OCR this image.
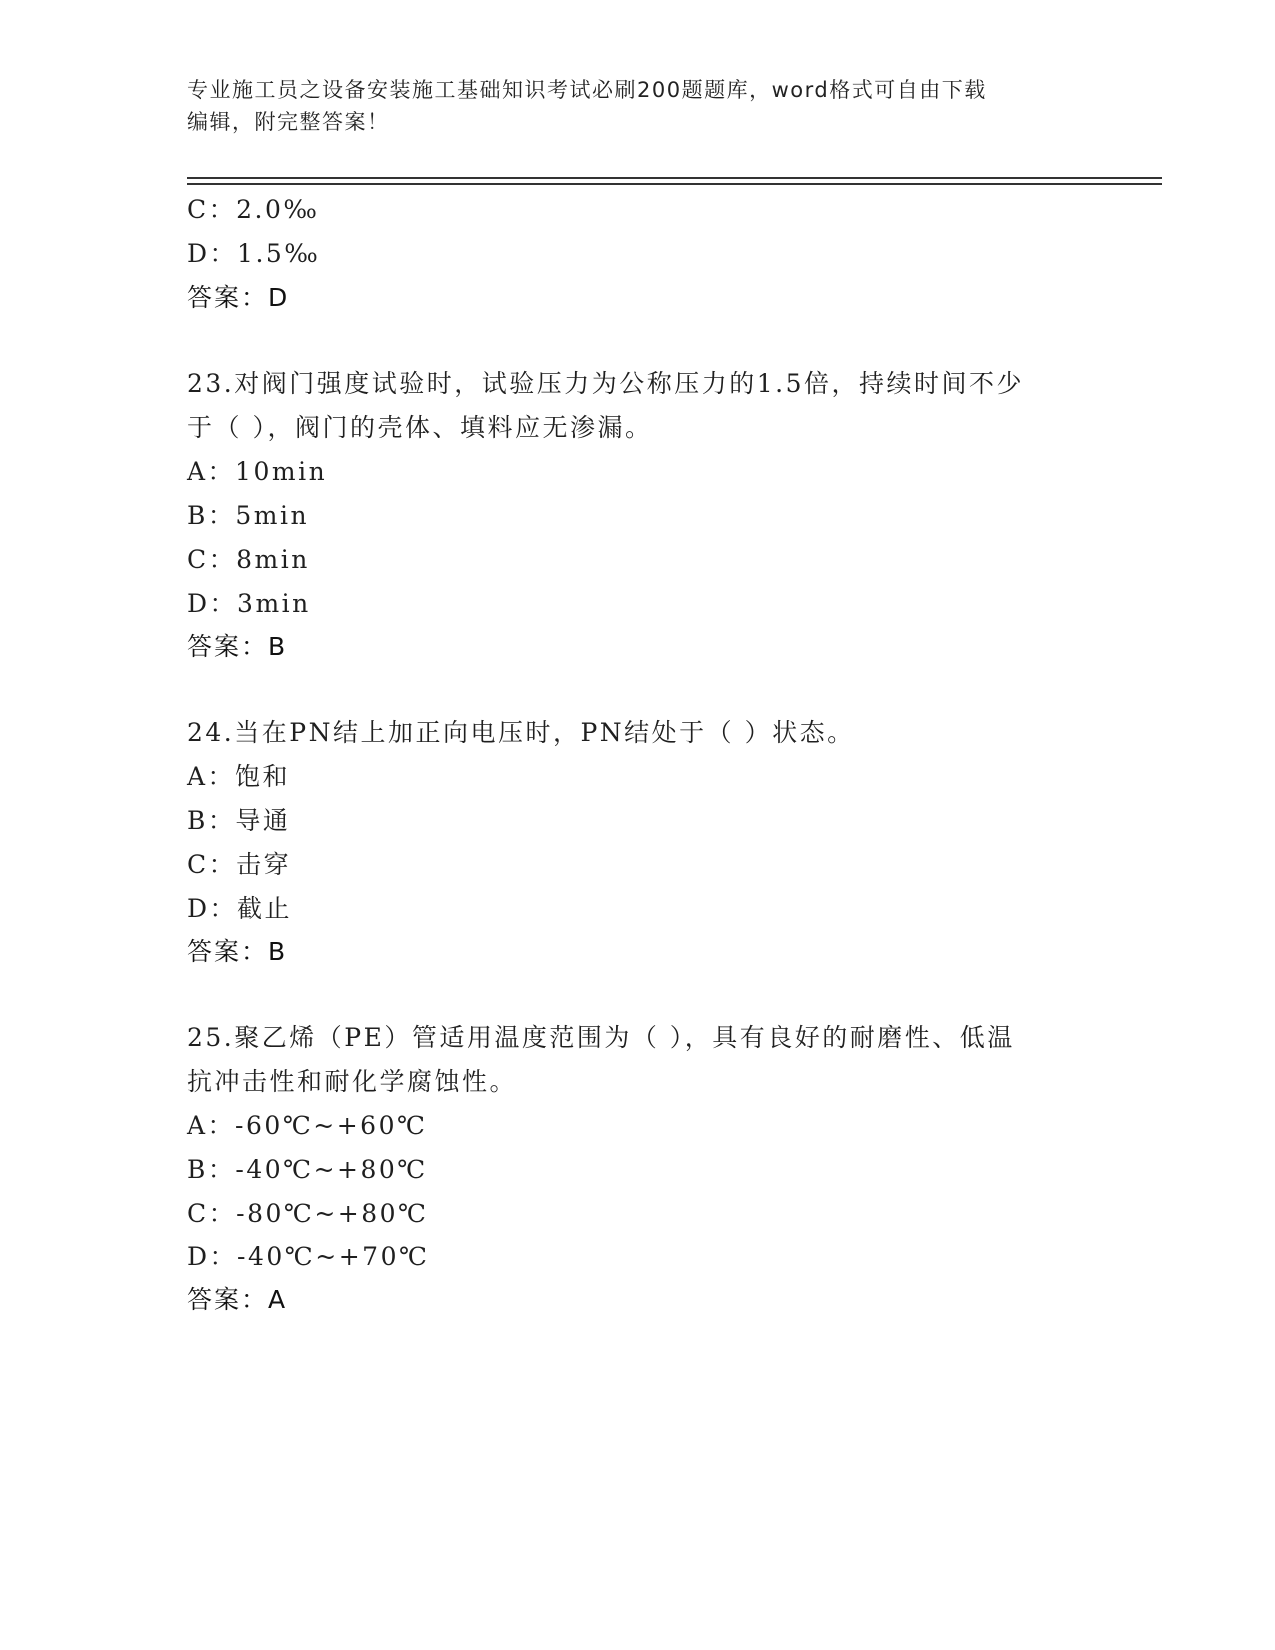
专业施工员之设备安装施工基础知识考试必刷200题题库，word格式可自由下载
编辑，附完整答案！
C：2.0‰
D：1.5‰
答案：D
23.对阀门强度试验时，试验压力为公称压力的1.5倍，持续时间不少
于（ ），阀门的壳体、填料应无渗漏。
A：10min
B：5min
C：8min
D：3min
答案：B
24.当在PN结上加正向电压时，PN结处于（ ）状态。
A：饱和
B：导通
C：击穿
D：截止
答案：B
25.聚乙烯（PE）管适用温度范围为（ ），具有良好的耐磨性、低温
抗冲击性和耐化学腐蚀性。
A：-60℃~+60℃
B：-40℃~+80℃
C：-80℃~+80℃
D：-40℃~+70℃
答案：A
